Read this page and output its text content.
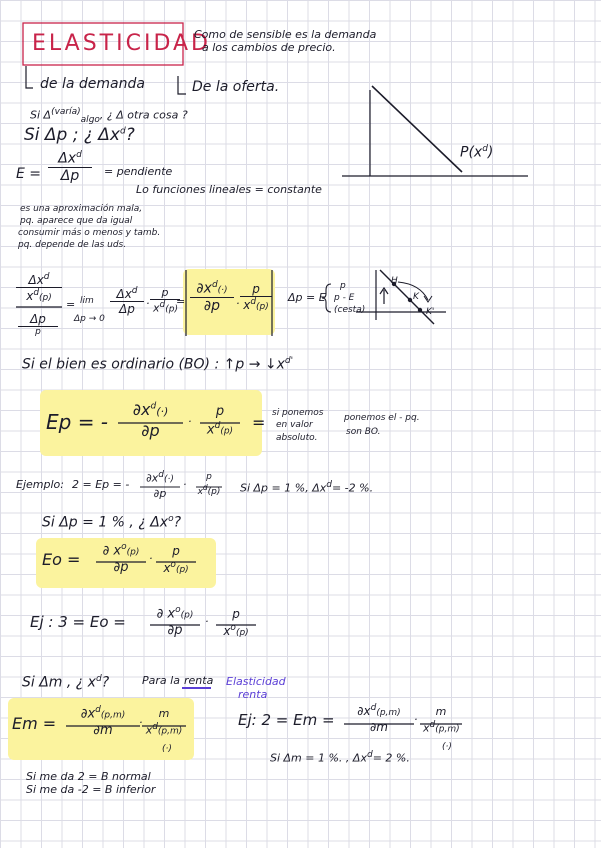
ELASTICIDAD
Como de sensible es la demanda
a los cambios de precio.
de la demanda	De la oferta.
Si $\Delta^{(varía)}_{algo}$, ¿ Δ otra cosa ?
Si Δp ; ¿ $\Delta x^d$?
E =
$\Delta x^d$
Δp	= pendiente
Lo funciones lineales = constante
es una aproximación mala,
pq. aparece que da igual
consumir más o menos y tamb.
pq. depende de las uds.
$P(x^d)$
$\Delta x^d$
$x^d(p)$
Δp
p
= lim
Δp → 0
$\Delta x^d$
Δp	· $\frac{p}{x^d(p)}$
= $\frac{\partial x^d(\cdot)}{\partial p} \cdot \frac{p}{x^d(p)}$ Δp = E
p
p - E
(cesta)
H
K
K'
Si el bien es ordinario (BO) : ↑p → $↓x^{d'}$
Ep = -
$\partial x^d(\cdot)$
∂p	·
p
$x^d(p)$	= si ponemos
en valor
absoluto.
ponemos el - pq.
son BO.
Ejemplo: 2 = Ep = -	$\partial x^d(\cdot)$
∂p
·
p
$x^d(p)$	Si Δp = 1 %, $\Delta x^d= -2$ %.
Si Δp = 1 % , ¿ $\Delta x^o$?
Eo =	∂ $x^o(p)$
∂p
·
p
$x^o(p)$
Ej : 3 = Eo =	∂ $x^o(p)$
∂p
·
p
$x^o(p)$
Si Δm , ¿ $x^d$?	Para la renta Elasticidad
renta
Em =
$\partial x^d(p,m)$
∂m
·
m
$x^d(p,m)$
(·)
Ej: 2 = Em =	$\partial x^d(p,m)$
∂m
·
m
$x^d(p,m)$
(·)
Si Δm = 1 %. , $\Delta x^d= 2$ %.
Si me da 2 = B normal
Si me da -2 = B inferior
